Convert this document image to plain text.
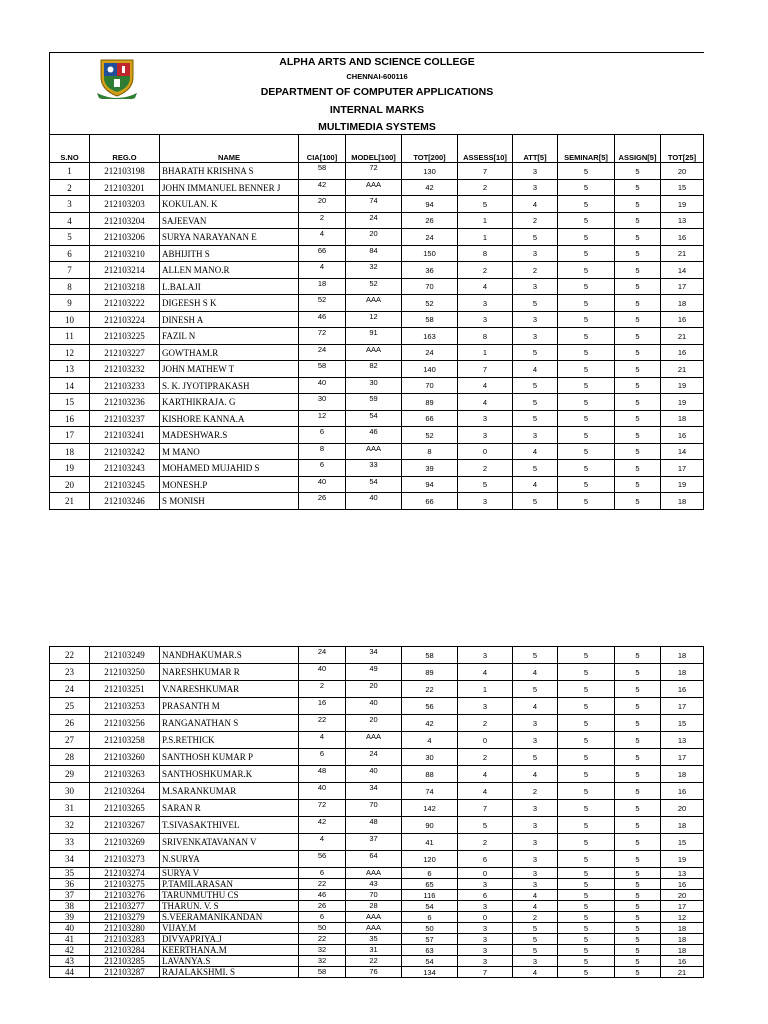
ALPHA ARTS AND SCIENCE COLLEGE
CHENNAI-600116
DEPARTMENT OF COMPUTER APPLICATIONS
INTERNAL MARKS
MULTIMEDIA SYSTEMS
S.NO	REG.O	NAME	CIA[100]	MODEL[100]	TOT[200]	ASSESS[10]	ATT[5]	SEMINAR[5]	ASSIGN[5]	TOT[25]
1	212103198	BHARATH KRISHNA S	58	72	130	7	3	5	5	20
2	212103201	JOHN IMMANUEL BENNER J	42	AAA	42	2	3	5	5	15
3	212103203	KOKULAN. K	20	74	94	5	4	5	5	19
4	212103204	SAJEEVAN	2	24	26	1	2	5	5	13
5	212103206	SURYA NARAYANAN E	4	20	24	1	5	5	5	16
6	212103210	ABHIJITH S	66	84	150	8	3	5	5	21
7	212103214	ALLEN MANO.R	4	32	36	2	2	5	5	14
8	212103218	L.BALAJI	18	52	70	4	3	5	5	17
9	212103222	DIGEESH S K	52	AAA	52	3	5	5	5	18
10	212103224	DINESH A	46	12	58	3	3	5	5	16
11	212103225	FAZIL N	72	91	163	8	3	5	5	21
12	212103227	GOWTHAM.R	24	AAA	24	1	5	5	5	16
13	212103232	JOHN MATHEW T	58	82	140	7	4	5	5	21
14	212103233	S. K. JYOTIPRAKASH	40	30	70	4	5	5	5	19
15	212103236	KARTHIKRAJA. G	30	59	89	4	5	5	5	19
16	212103237	KISHORE KANNA.A	12	54	66	3	5	5	5	18
17	212103241	MADESHWAR.S	6	46	52	3	3	5	5	16
18	212103242	M MANO	8	AAA	8	0	4	5	5	14
19	212103243	MOHAMED MUJAHID S	6	33	39	2	5	5	5	17
20	212103245	MONESH.P	40	54	94	5	4	5	5	19
21	212103246	S MONISH	26	40	66	3	5	5	5	18
22	212103249	NANDHAKUMAR.S	24	34	58	3	5	5	5	18
23	212103250	NARESHKUMAR R	40	49	89	4	4	5	5	18
24	212103251	V.NARESHKUMAR	2	20	22	1	5	5	5	16
25	212103253	PRASANTH M	16	40	56	3	4	5	5	17
26	212103256	RANGANATHAN S	22	20	42	2	3	5	5	15
27	212103258	P.S.RETHICK	4	AAA	4	0	3	5	5	13
28	212103260	SANTHOSH KUMAR P	6	24	30	2	5	5	5	17
29	212103263	SANTHOSHKUMAR.K	48	40	88	4	4	5	5	18
30	212103264	M.SARANKUMAR	40	34	74	4	2	5	5	16
31	212103265	SARAN R	72	70	142	7	3	5	5	20
32	212103267	T.SIVASAKTHIVEL	42	48	90	5	3	5	5	18
33	212103269	SRIVENKATAVANAN V	4	37	41	2	3	5	5	15
34	212103273	N.SURYA	56	64	120	6	3	5	5	19
35	212103274	SURYA V	6	AAA	6	0	3	5	5	13
36	212103275	P.TAMILARASAN	22	43	65	3	3	5	5	16
37	212103276	TARUNMUTHU CS	46	70	116	6	4	5	5	20
38	212103277	THARUN. V. S	26	28	54	3	4	5	5	17
39	212103279	S.VEERAMANIKANDAN	6	AAA	6	0	2	5	5	12
40	212103280	VIJAY.M	50	AAA	50	3	5	5	5	18
41	212103283	DIVYAPRIYA.J	22	35	57	3	5	5	5	18
42	212103284	KEERTHANA.M	32	31	63	3	5	5	5	18
43	212103285	LAVANYA.S	32	22	54	3	3	5	5	16
44	212103287	RAJALAKSHMI. S	58	76	134	7	4	5	5	21
